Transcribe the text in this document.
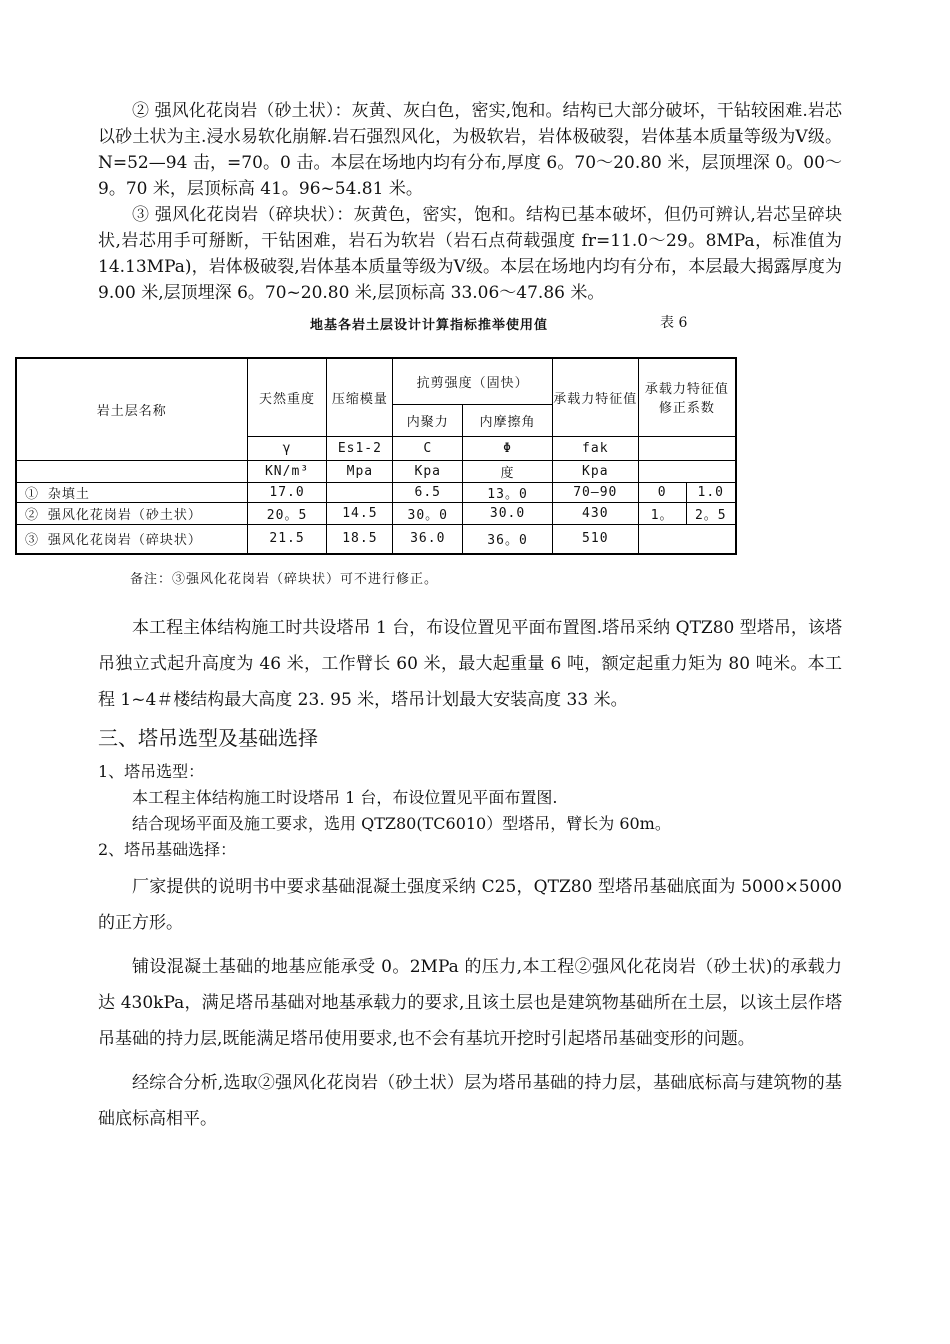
② 强风化花岗岩（砂土状）：灰黄、灰白色，密实,饱和。结构已大部分破坏，干钻较困难.岩芯以砂土状为主.浸水易软化崩解.岩石强烈风化，为极软岩，岩体极破裂，岩体基本质量等级为Ⅴ级。N=52—94 击，=70。0 击。本层在场地内均有分布,厚度 6。70～20.80 米，层顶埋深 0。00～9。70 米，层顶标高 41。96~54.81 米。

③ 强风化花岗岩（碎块状）：灰黄色，密实，饱和。结构已基本破坏，但仍可辨认,岩芯呈碎块状,岩芯用手可掰断，干钻困难，岩石为软岩（岩石点荷载强度 fr=11.0～29。8MPa，标准值为 14.13MPa)，岩体极破裂,岩体基本质量等级为Ⅴ级。本层在场地内均有分布，本层最大揭露厚度为 9.00 米,层顶埋深 6。70~20.80 米,层顶标高 33.06～47.86 米。

地基各岩土层设计计算指标推举使用值	表 6
岩土层名称	天然重度	压缩模量	抗剪强度（固快）		承载力特征值	承载力特征值修正系数	
			内聚力	内摩擦角			
	γ	Es1-2	C	Φ	fak		
	KN/m³	Mpa	Kpa	度	Kpa		
① 杂填土	17.0		6.5	13。0	70—90	0	1.0
② 强风化花岗岩（砂土状）	20。5	14.5	30。0	30.0	430	1。	2。5
③ 强风化花岗岩（碎块状）	21.5	18.5	36.0	36。0	510		
备注：③强风化花岗岩（碎块状）可不进行修正。

本工程主体结构施工时共设塔吊 1 台，布设位置见平面布置图.塔吊采纳 QTZ80 型塔吊，该塔吊独立式起升高度为 46 米，工作臂长 60 米，最大起重量 6 吨，额定起重力矩为 80 吨米。本工程 1~4＃楼结构最大高度 23. 95 米，塔吊计划最大安装高度 33 米。

三、塔吊选型及基础选择

1、塔吊选型：

本工程主体结构施工时设塔吊 1 台，布设位置见平面布置图.

结合现场平面及施工要求，选用 QTZ80(TC6010）型塔吊，臂长为 60m。

2、塔吊基础选择：

厂家提供的说明书中要求基础混凝土强度采纳 C25，QTZ80 型塔吊基础底面为 5000×5000 的正方形。

铺设混凝土基础的地基应能承受 0。2MPa 的压力,本工程②强风化花岗岩（砂土状)的承载力达 430kPa，满足塔吊基础对地基承载力的要求,且该土层也是建筑物基础所在土层，以该土层作塔吊基础的持力层,既能满足塔吊使用要求,也不会有基坑开挖时引起塔吊基础变形的问题。

经综合分析,选取②强风化花岗岩（砂土状）层为塔吊基础的持力层，基础底标高与建筑物的基础底标高相平。
